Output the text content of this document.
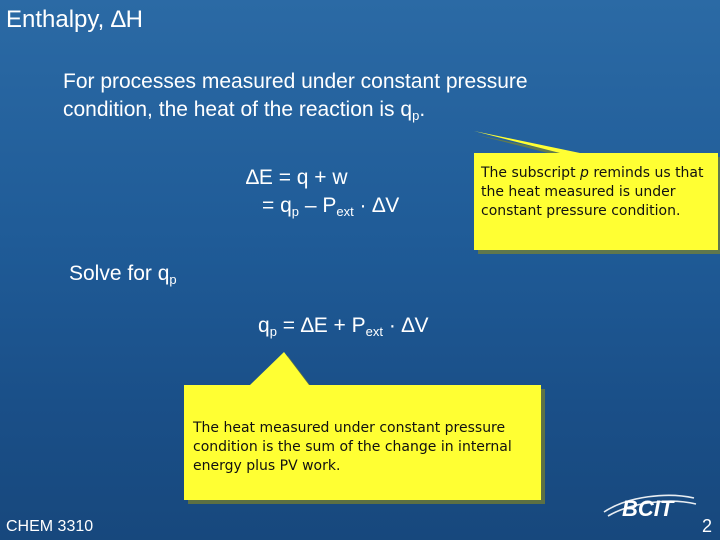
Enthalpy, ∆H
For processes measured under constant pressure condition, the heat of the reaction is $q_p$.
∆E = q + w
= $q_p - P_{ext} \cdot \Delta V$
Solve for $q_p$
$q_p = \Delta E + P_{ext} \cdot \Delta V$
The subscript p reminds us that the heat measured is under constant pressure condition.
The heat measured under constant pressure condition is the sum of the change in internal energy plus PV work.
CHEM 3310
BCIT
2
